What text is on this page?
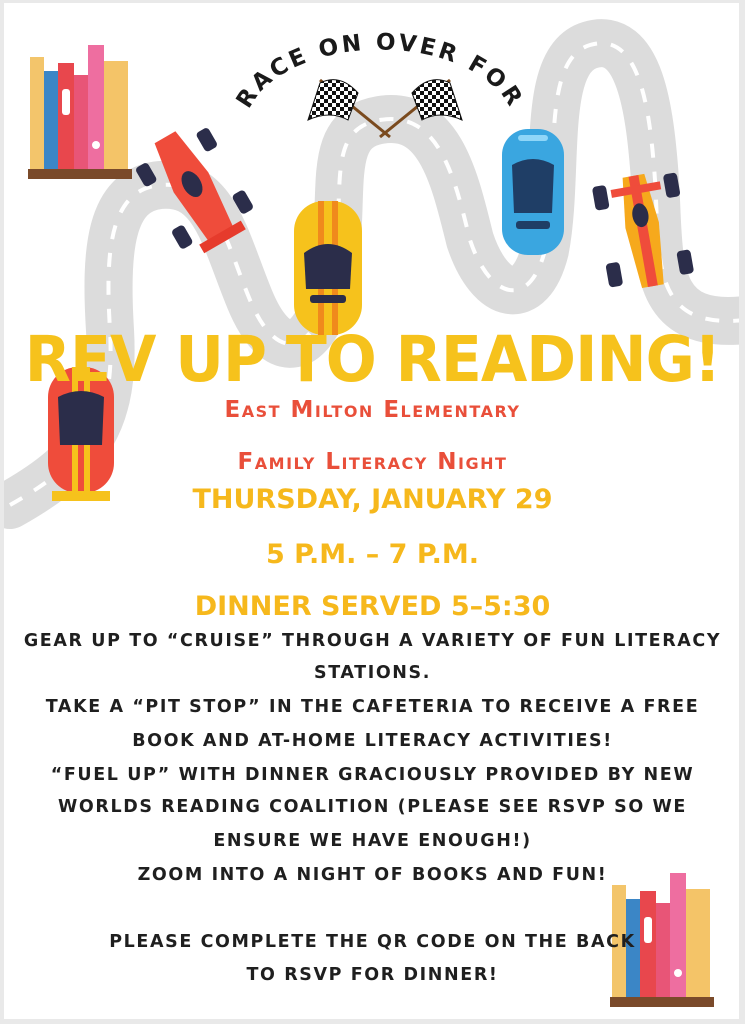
RACE ON OVER FOR
REV UP TO READING!
East Milton Elementary
Family Literacy Night
THURSDAY, JANUARY 29
5 P.M. – 7 P.M.
DINNER SERVED 5–5:30
GEAR UP TO “CRUISE” THROUGH A VARIETY OF FUN LITERACY
STATIONS.
TAKE A “PIT STOP” IN THE CAFETERIA TO RECEIVE A FREE
BOOK AND AT-HOME LITERACY ACTIVITIES!
“FUEL UP” WITH DINNER GRACIOUSLY PROVIDED BY NEW
WORLDS READING COALITION (PLEASE SEE RSVP SO WE
ENSURE WE HAVE ENOUGH!)
ZOOM INTO A NIGHT OF BOOKS AND FUN!
PLEASE COMPLETE THE QR CODE ON THE BACK
TO RSVP FOR DINNER!
